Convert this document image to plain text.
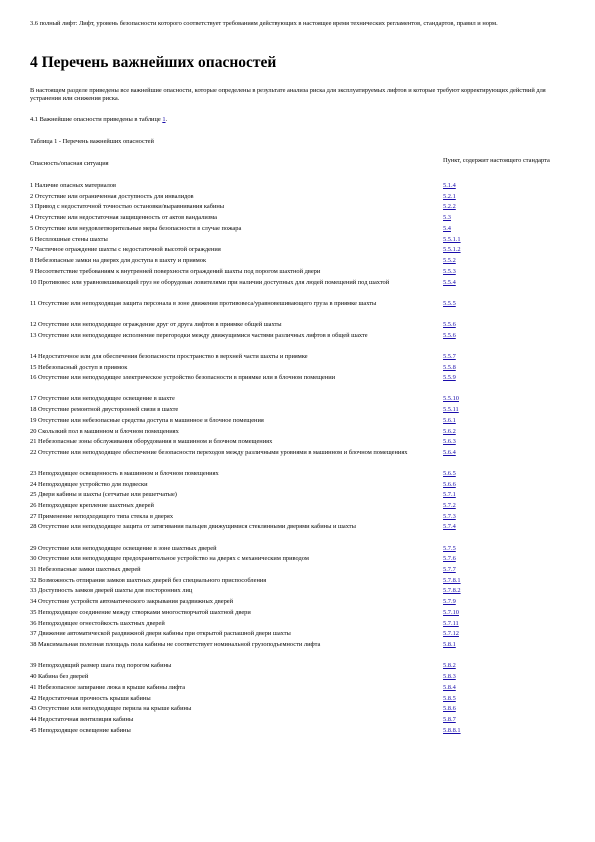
3.6 полный лифт: Лифт, уровень безопасности которого соответствует требованиям действующих в настоящее время технических регламентов, стандартов, правил и норм.
4 Перечень важнейших опасностей
В настоящем разделе приведены все важнейшие опасности, которые определены в результате анализа риска для эксплуатируемых лифтов и которые требуют корректирующих действий для устранения или снижения риска.
4.1 Важнейшие опасности приведены в таблице 1.
Таблица 1 - Перечень важнейших опасностей
Опасность/опасная ситуация	Пункт, содержит настоящего стандарта
1 Наличие опасных материалов	5.1.4
2 Отсутствие или ограниченная доступность для инвалидов	5.2.1
3 Привод с недостаточной точностью остановки/выравнивания кабины	5.2.2
4 Отсутствие или недостаточная защищенность от актов вандализма	5.3
5 Отсутствие или неудовлетворительные меры безопасности в случае пожара	5.4
6 Несплошные стены шахты	5.5.1.1
7 Частичное ограждение шахты с недостаточной высотой ограждения	5.5.1.2
8 Небезопасные замки на дверях для доступа в шахту и приямок	5.5.2
9 Несоответствие требованиям к внутренней поверхности ограждений шахты под порогом шахтной двери	5.5.3
10 Противовес или уравновешивающий груз не оборудован ловителями при наличии доступных для людей помещений под шахтой	5.5.4
11 Отсутствие или неподходящая защита персонала в зоне движения противовеса/уравновешивающего груза в приямке шахты	5.5.5
12 Отсутствие или неподходящее ограждение друг от друга лифтов в приямке общей шахты	5.5.6
13 Отсутствие или неподходящее исполнение перегородки между движущимися частями различных лифтов в общей шахте	5.5.6
14 Недостаточное или для обеспечения безопасности пространство в верхней части шахты и приямке	5.5.7
15 Небезопасный доступ в приямок	5.5.8
16 Отсутствие или неподходящее электрическое устройство безопасности в приямке или в блочном помещении	5.5.9
17 Отсутствие или неподходящее освещение в шахте	5.5.10
18 Отсутствие ремонтной двусторонней связи в шахте	5.5.11
19 Отсутствие или небезопасные средства доступа в машинное и блочное помещения	5.6.1
20 Скользкий пол в машинном и блочном помещениях	5.6.2
21 Небезопасные зоны обслуживания оборудования в машинном и блочном помещениях	5.6.3
22 Отсутствие или неподходящее обеспечение безопасности переходов между различными уровнями в машинном и блочном помещениях	5.6.4
23 Неподходящее освещенность в машинном и блочном помещениях	5.6.5
24 Неподходящее устройство для подвески	5.6.6
25 Двери кабины и шахты (сетчатые или решетчатые)	5.7.1
26 Неподходящее крепление шахтных дверей	5.7.2
27 Применение неподходящего типа стекла в дверях	5.7.3
28 Отсутствие или неподходящее защита от затягивания пальцев движущимися стеклянными дверями кабины и шахты	5.7.4
29 Отсутствие или неподходящее освещение в зоне шахтных дверей	5.7.5
30 Отсутствие или неподходящее предохранительное устройство на дверях с механическим приводом	5.7.6
31 Небезопасные замки шахтных дверей	5.7.7
32 Возможность отпирания замков шахтных дверей без специального приспособления	5.7.8.1
33 Доступность замков дверей шахты для посторонних лиц	5.7.8.2
34 Отсутствие устройств автоматического закрывания раздвижных дверей	5.7.9
35 Неподходящее соединение между створками многостворчатой шахтной двери	5.7.10
36 Неподходящее огнестойкость шахтных дверей	5.7.11
37 Движение автоматической раздвижной двери кабины при открытой распашной двери шахты	5.7.12
38 Максимальная полезная площадь пола кабины не соответствует номинальной грузоподъемности лифта	5.8.1
39 Неподходящий размер шага под порогом кабины	5.8.2
40 Кабина без дверей	5.8.3
41 Небезопасное запирание люка в крыше кабины лифта	5.8.4
42 Недостаточная прочность крыши кабины	5.8.5
43 Отсутствие или неподходящее перила на крыше кабины	5.8.6
44 Недостаточная вентиляция кабины	5.8.7
45 Неподходящее освещение кабины	5.8.8.1
